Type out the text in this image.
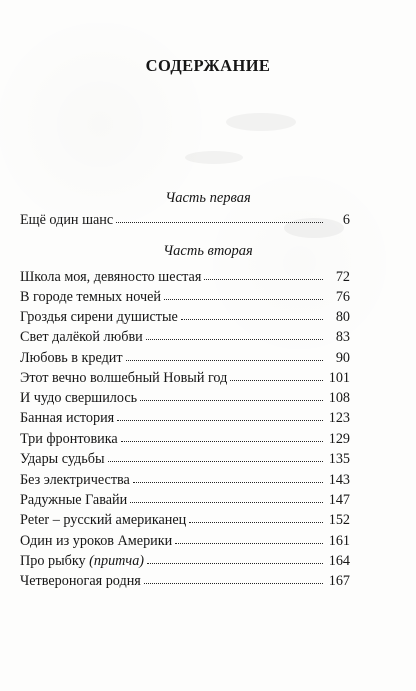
СОДЕРЖАНИЕ
Часть первая
Ещё один шанс	6
Часть вторая
Школа моя, девяносто шестая	72
В городе темных ночей	76
Гроздья сирени душистые	80
Свет далёкой любви	83
Любовь в кредит	90
Этот вечно волшебный Новый год	101
И чудо свершилось	108
Банная история	123
Три фронтовика	129
Удары судьбы	135
Без электричества	143
Радужные Гавайи	147
Peter – русский американец	152
Один из уроков Америки	161
Про рыбку (притча)	164
Четвероногая родня	167
